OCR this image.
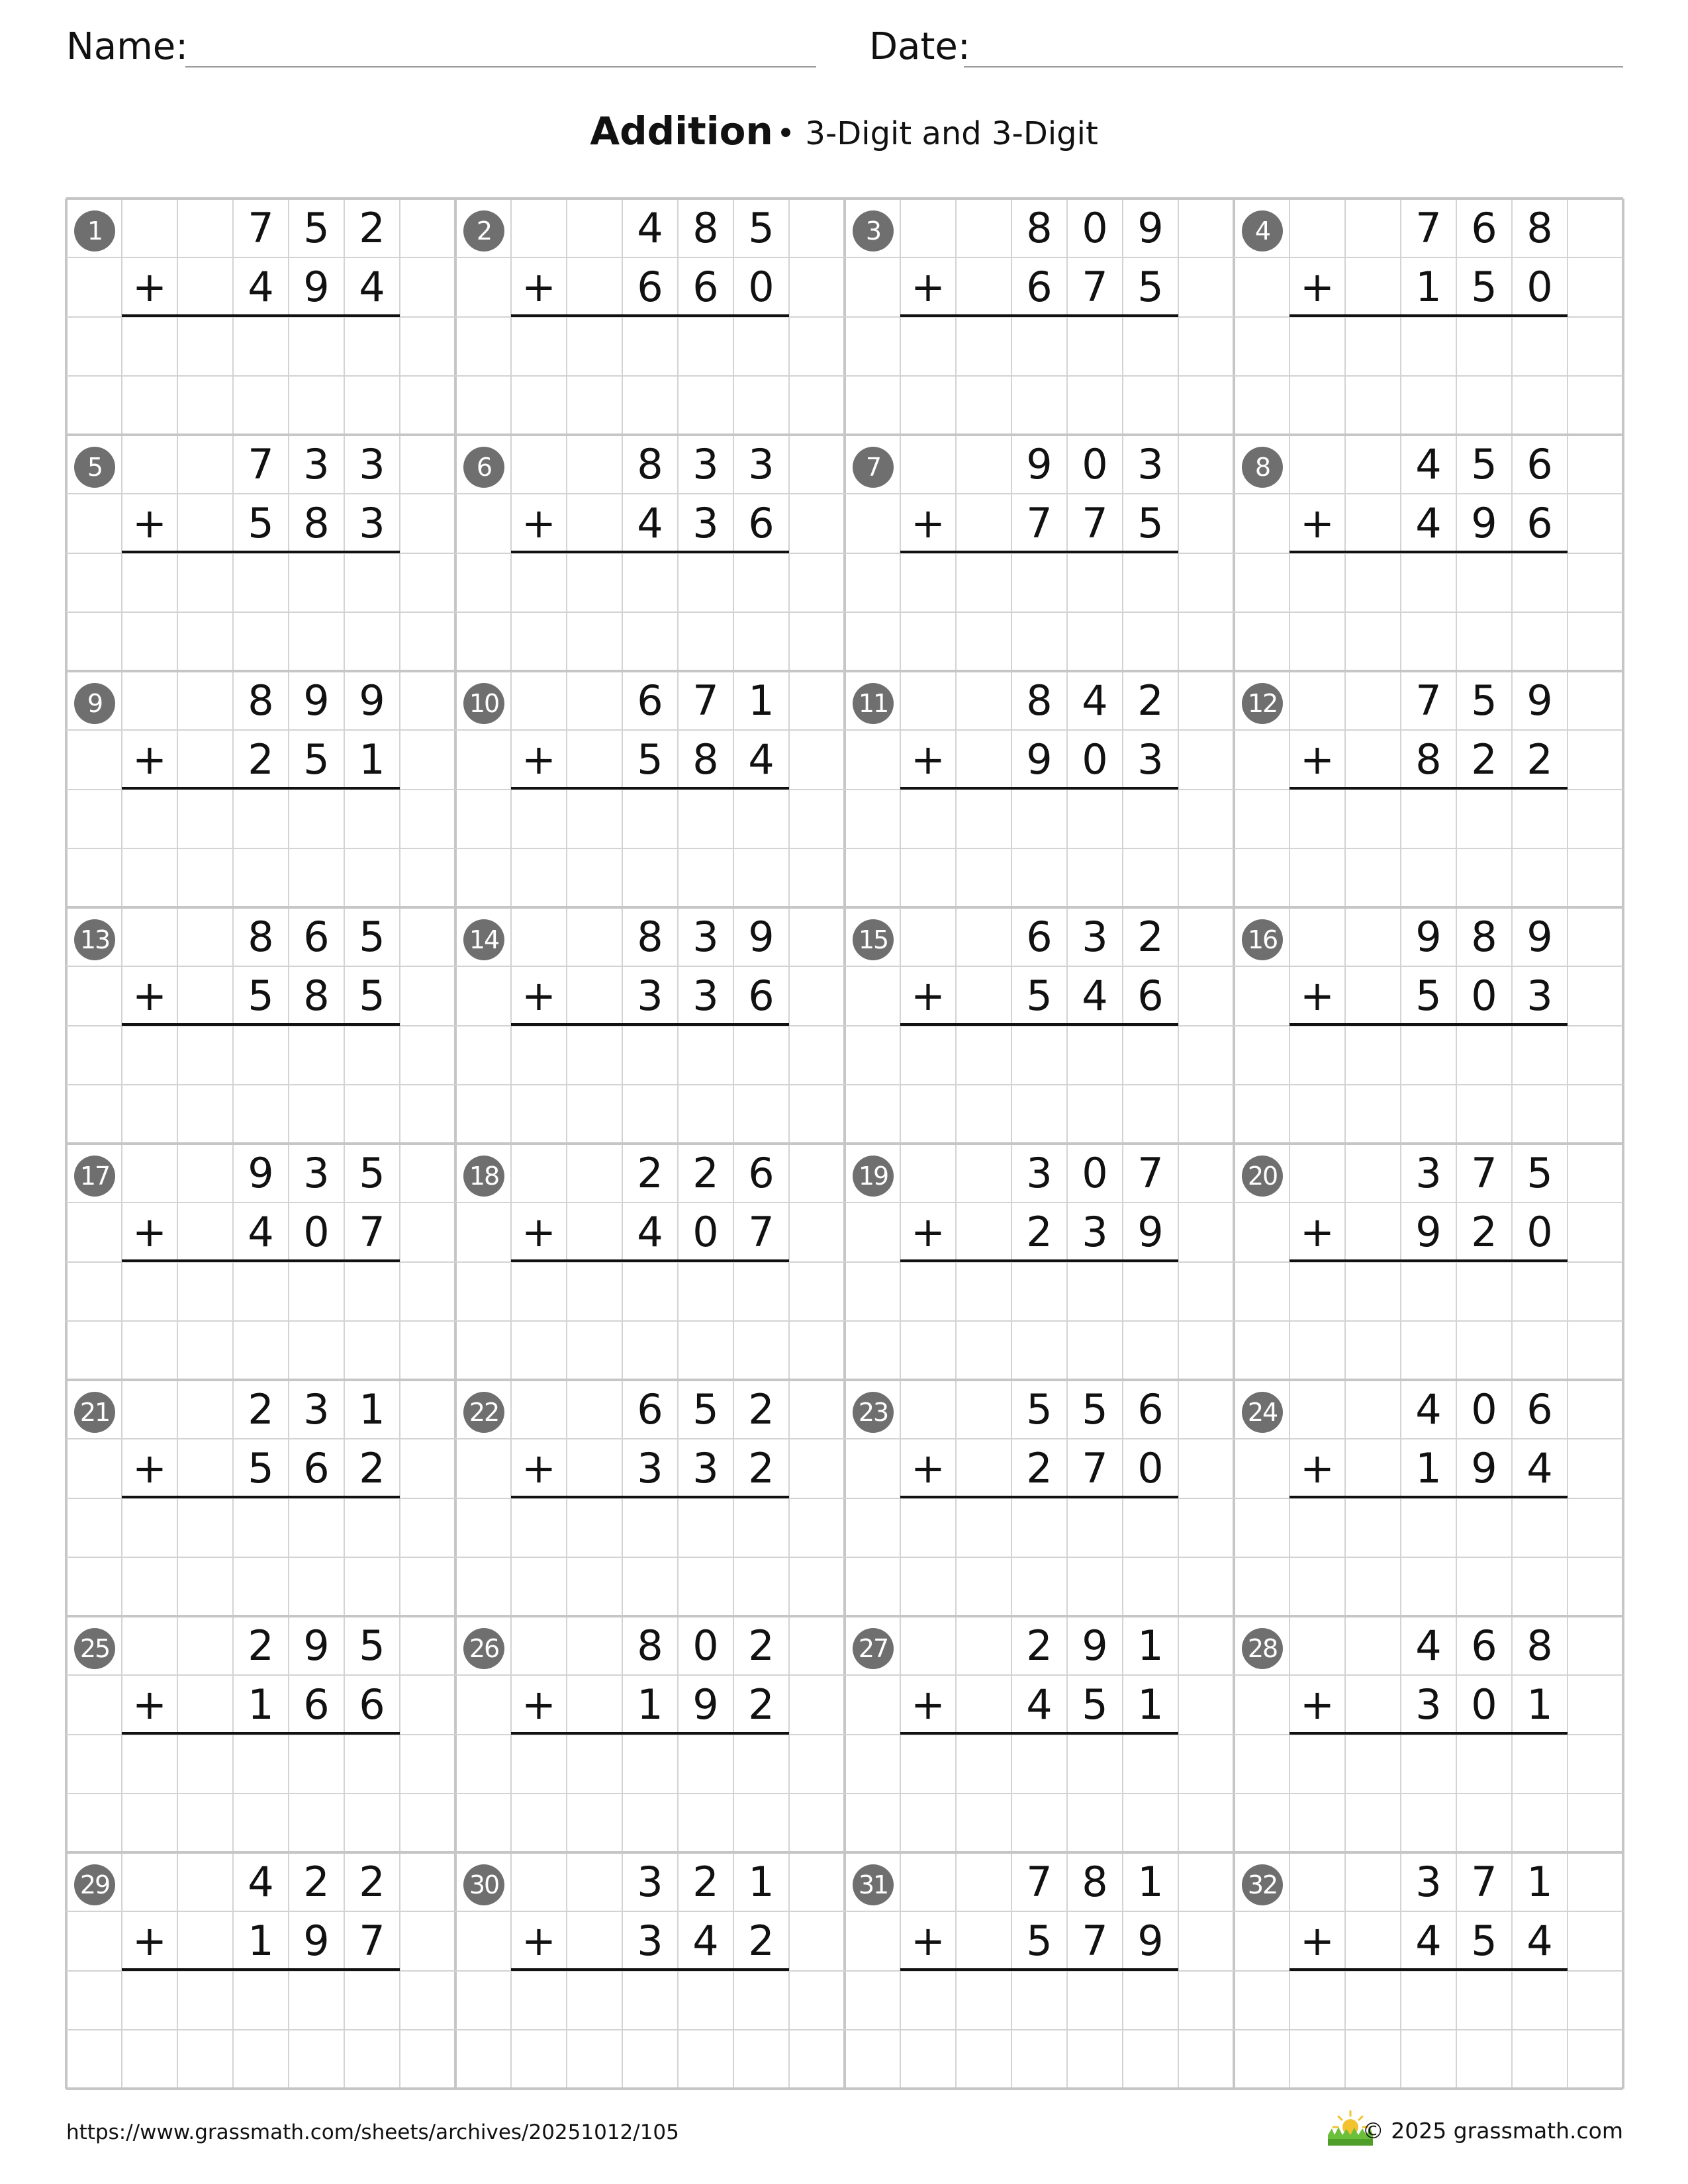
Name:	Date:
Addition • 3-Digit and 3-Digit
1	7 5 2
4 9 4
+
2	4 8 5
6 6 0
+
3	8 0 9
6 7 5
+
4	7 6 8
1 5 0
+
5	7 3 3
5 8 3
+
6	8 3 3
4 3 6
+
7	9 0 3
7 7 5
+
8	4 5 6
4 9 6
+
9	8 9 9
2 5 1
+
10	6 7 1
5 8 4
+
11	8 4 2
9 0 3
+
12	7 5 9
8 2 2
+
13	8 6 5
5 8 5
+
14	8 3 9
3 3 6
+
15	6 3 2
5 4 6
+
16	9 8 9
5 0 3
+
17	9 3 5
4 0 7
+
18	2 2 6
4 0 7
+
19	3 0 7
2 3 9
+
20	3 7 5
9 2 0
+
21	2 3 1
5 6 2
+
22	6 5 2
3 3 2
+
23	5 5 6
2 7 0
+
24	4 0 6
1 9 4
+
25	2 9 5
1 6 6
+
26	8 0 2
1 9 2
+
27	2 9 1
4 5 1
+
28	4 6 8
3 0 1
+
29	4 2 2
1 9 7
+
30	3 2 1
3 4 2
+
31	7 8 1
5 7 9
+
32	3 7 1
4 5 4
+
https://www.grassmath.com/sheets/archives/20251012/105	© 2025 grassmath.com
